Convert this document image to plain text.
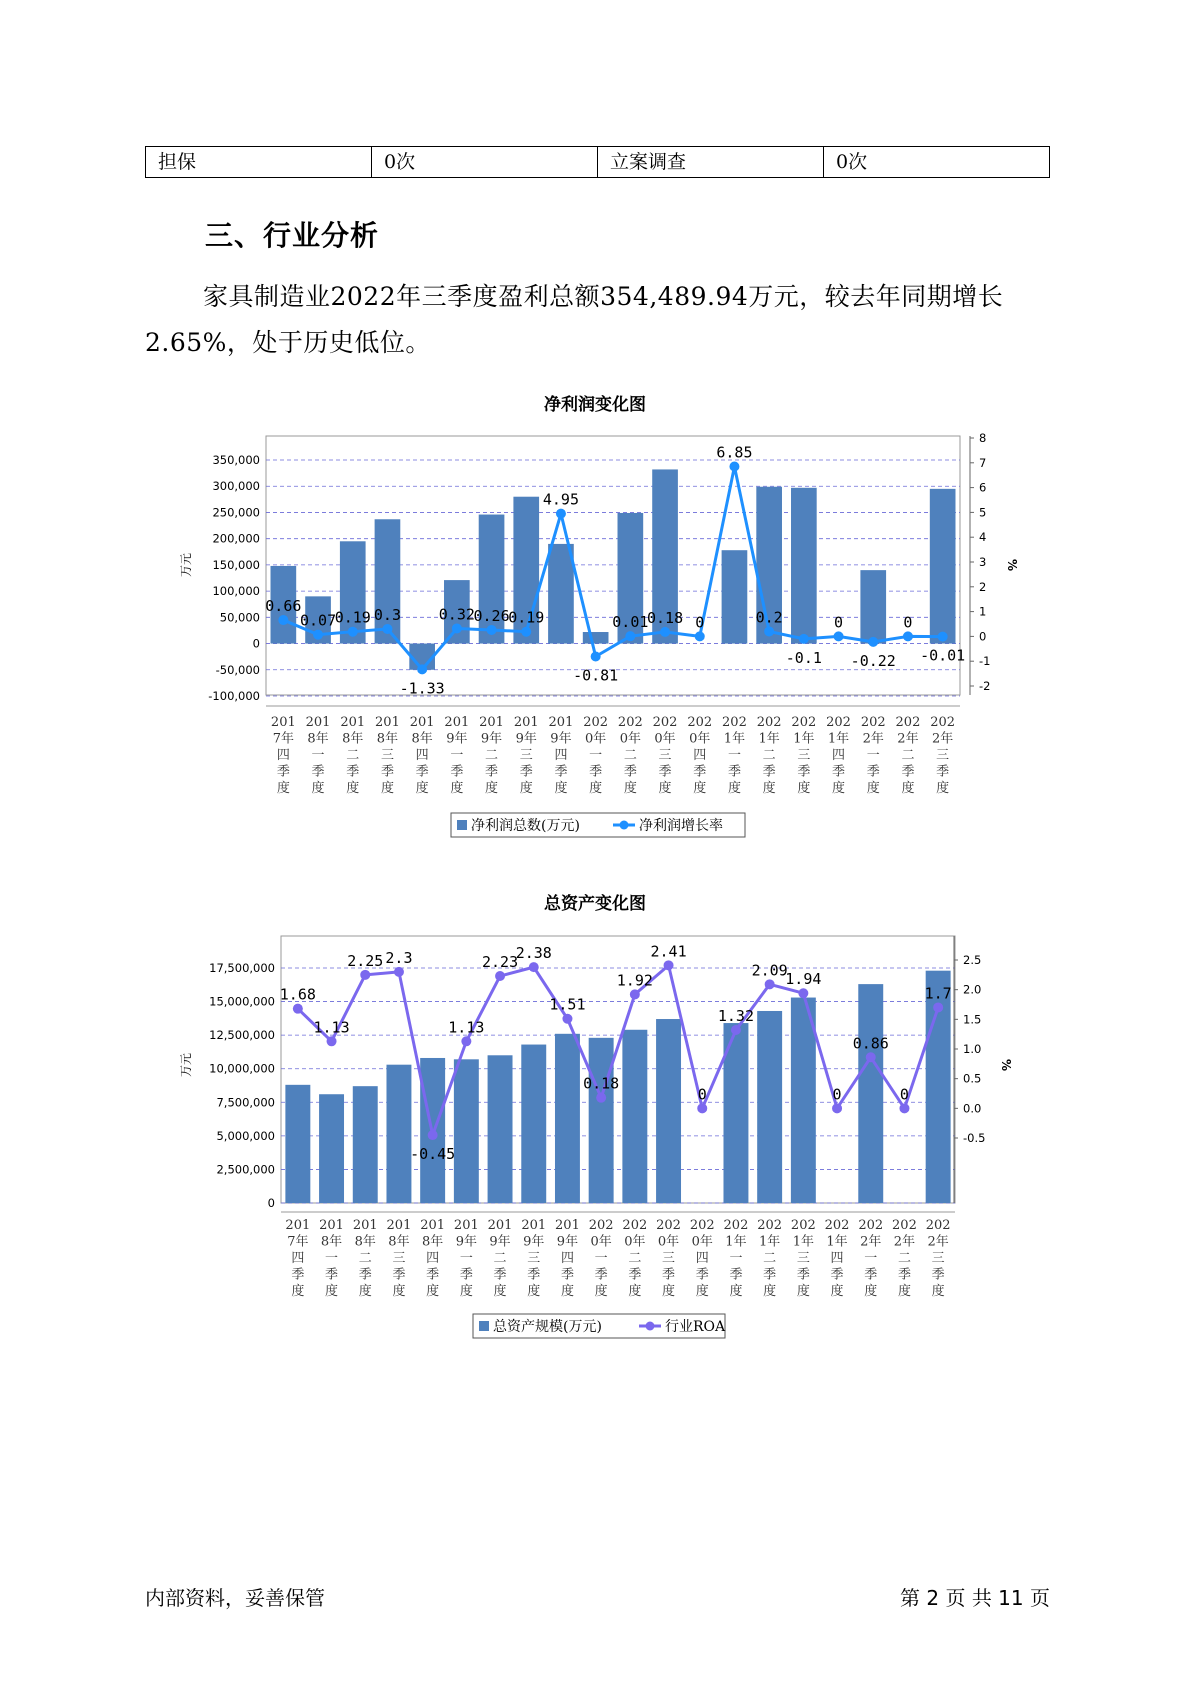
担保	0次	立案调查	0次
三、行业分析
家具制造业2022年三季度盈利总额354,489.94万元，较去年同期增长2.65%，处于历史低位。
净利润变化图
-100,000
-50,000
0
50,000
100,000
150,000
200,000
250,000
300,000
350,000
-2
-1
0
1
2
3
4
5
6
7
8
万元	%
0.66
0.07
0.19 0.3
-1.33
0.32
0.26
0.19
4.95
-0.81
0.01
0.18 0
6.85
0.2
-0.1
0
-0.22
0
-0.01
201
7年
四
季
度
201
8年
一
季
度
201
8年
二
季
度
201
8年
三
季
度
201
8年
四
季
度
201
9年
一
季
度
201
9年
二
季
度
201
9年
三
季
度
201
9年
四
季
度
202
0年
一
季
度
202
0年
二
季
度
202
0年
三
季
度
202
0年
四
季
度
202
1年
一
季
度
202
1年
二
季
度
202
1年
三
季
度
202
1年
四
季
度
202
2年
一
季
度
202
2年
二
季
度
202
2年
三
季
度
净利润总数(万元)	净利润增长率
总资产变化图
0
2,500,000
5,000,000
7,500,000
10,000,000
12,500,000
15,000,000
17,500,000
-0.5
0.0
0.5
1.0
1.5
2.0
2.5
万元	%
1.68
1.13
2.25 2.3
-0.45
1.13
2.23
2.38
1.51
0.18
1.92
2.41
0
1.32
2.09
1.94
0
0.86
0
1.7
201
7年
四
季
度
201
8年
一
季
度
201
8年
二
季
度
201
8年
三
季
度
201
8年
四
季
度
201
9年
一
季
度
201
9年
二
季
度
201
9年
三
季
度
201
9年
四
季
度
202
0年
一
季
度
202
0年
二
季
度
202
0年
三
季
度
202
0年
四
季
度
202
1年
一
季
度
202
1年
二
季
度
202
1年
三
季
度
202
1年
四
季
度
202
2年
一
季
度
202
2年
二
季
度
202
2年
三
季
度
总资产规模(万元)	行业ROA
内部资料，妥善保管	第 2 页 共 11 页
